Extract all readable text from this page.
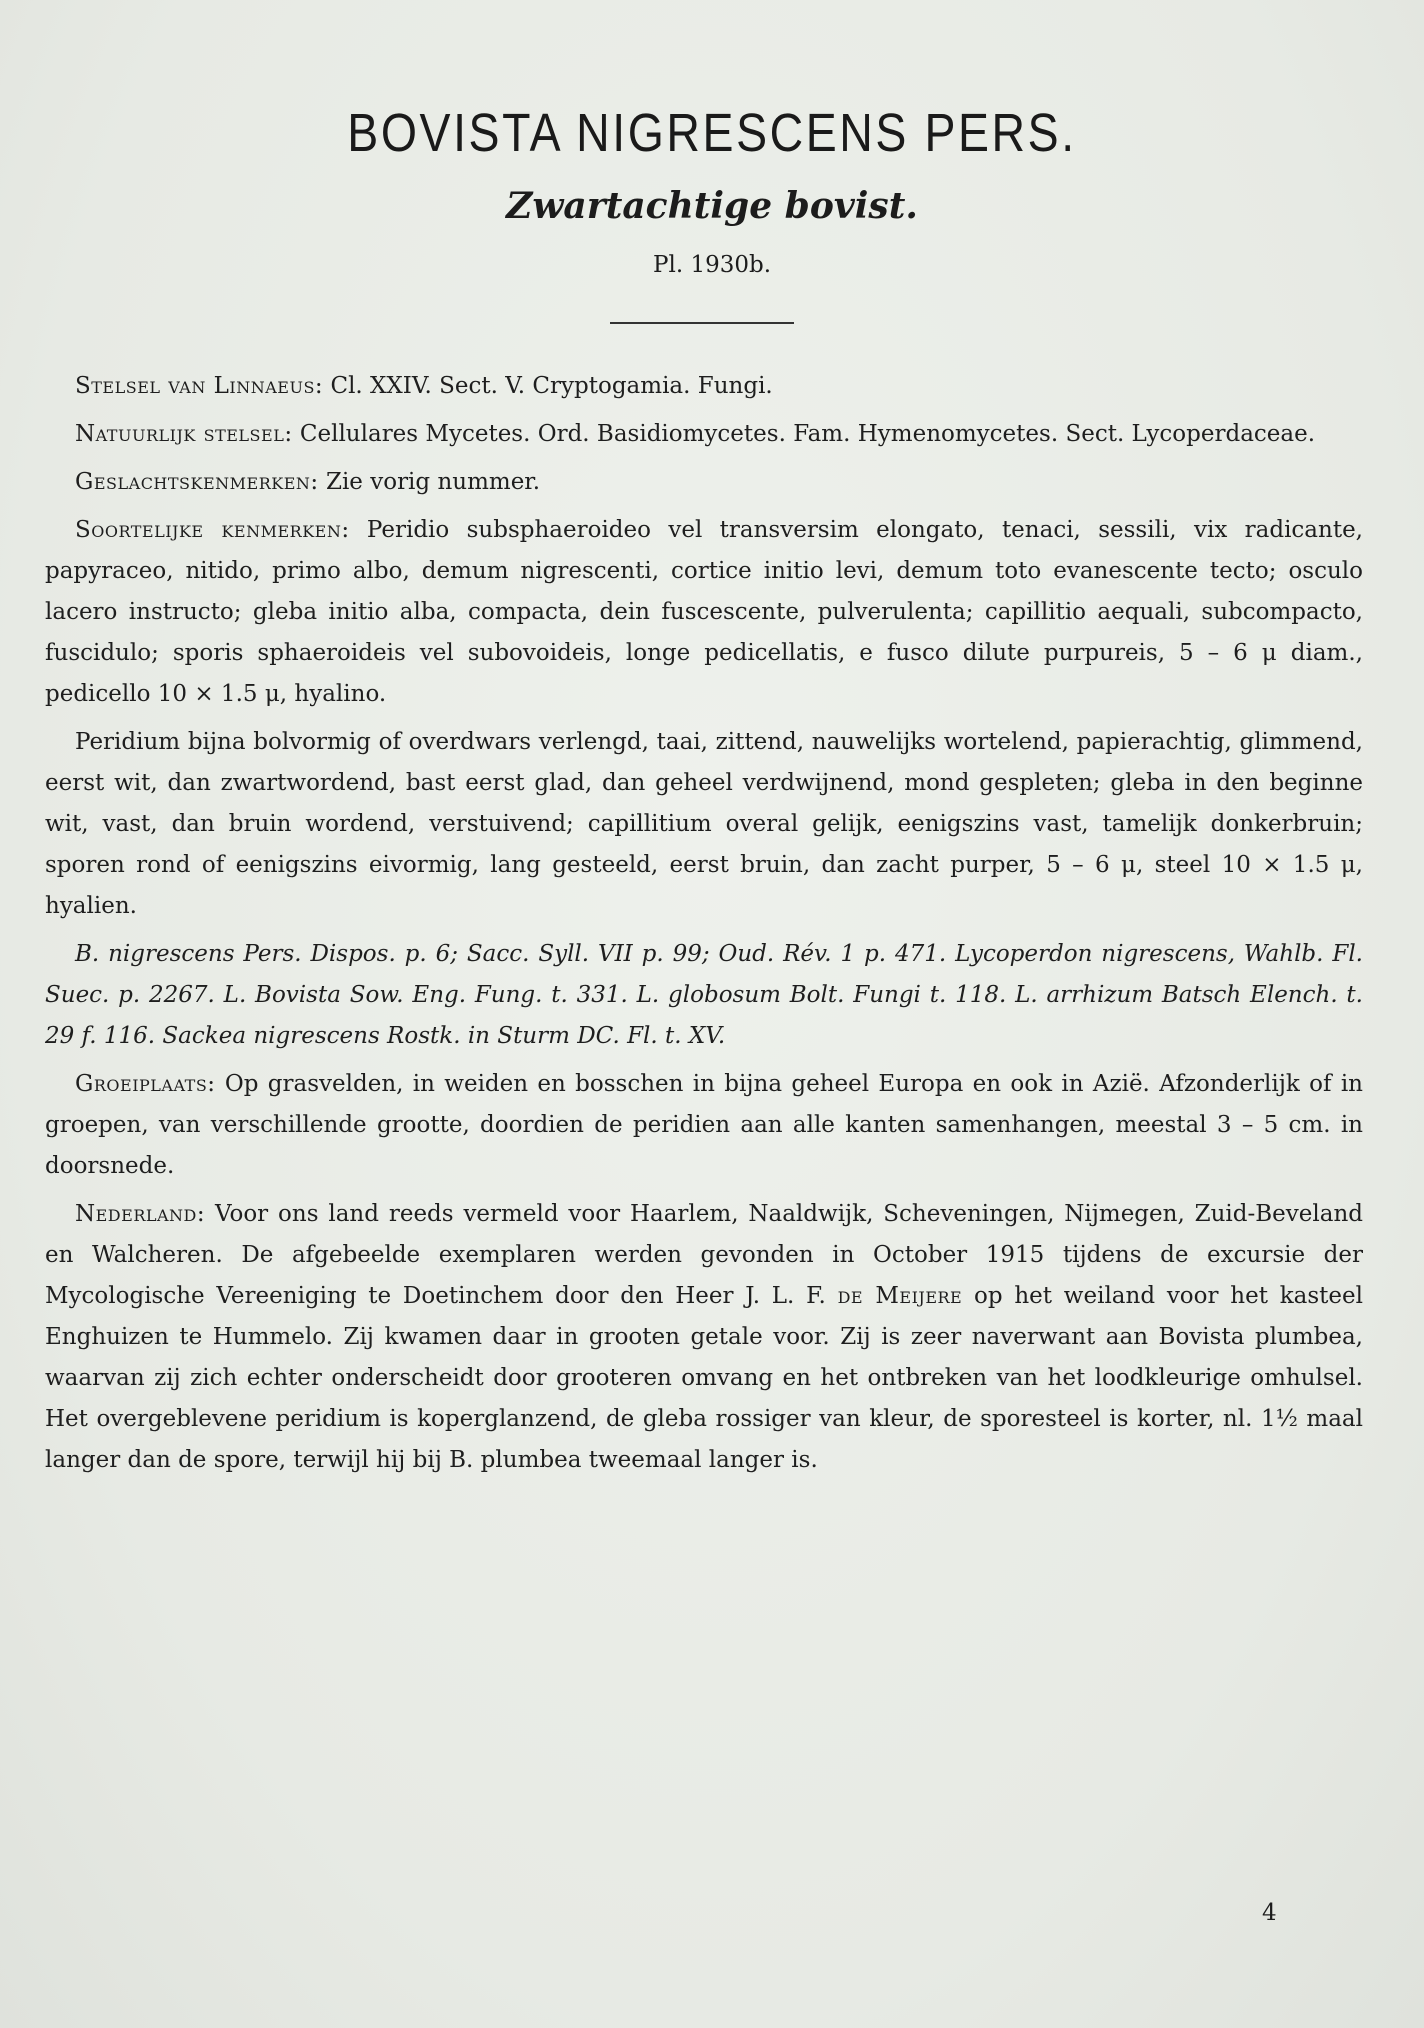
BOVISTA NIGRESCENS PERS.
Zwartachtige bovist.
Pl. 1930b.

Stelsel van Linnaeus: Cl. XXIV. Sect. V. Cryptogamia. Fungi.

Natuurlijk stelsel: Cellulares Mycetes. Ord. Basidiomycetes. Fam. Hymenomycetes. Sect. Lycoperdaceae.

Geslachtskenmerken: Zie vorig nummer.

Soortelijke kenmerken: Peridio subsphaeroideo vel transversim elongato, tenaci, sessili, vix radicante, papyraceo, nitido, primo albo, demum nigrescenti, cortice initio levi, demum toto evanescente tecto; osculo lacero instructo; gleba initio alba, compacta, dein fuscescente, pulverulenta; capillitio aequali, subcompacto, fuscidulo; sporis sphaeroideis vel subovoideis, longe pedicellatis, e fusco dilute purpureis, 5 – 6 μ diam., pedicello 10 × 1.5 μ, hyalino.

Peridium bijna bolvormig of overdwars verlengd, taai, zittend, nauwelijks wortelend, papierachtig, glimmend, eerst wit, dan zwartwordend, bast eerst glad, dan geheel verdwijnend, mond gespleten; gleba in den beginne wit, vast, dan bruin wordend, verstuivend; capillitium overal gelijk, eenigszins vast, tamelijk donkerbruin; sporen rond of eenigszins eivormig, lang gesteeld, eerst bruin, dan zacht purper, 5 – 6 μ, steel 10 × 1.5 μ, hyalien.

B. nigrescens Pers. Dispos. p. 6; Sacc. Syll. VII p. 99; Oud. Rév. 1 p. 471. Lycoperdon nigrescens, Wahlb. Fl. Suec. p. 2267. L. Bovista Sow. Eng. Fung. t. 331. L. globosum Bolt. Fungi t. 118. L. arrhizum Batsch Elench. t. 29 f. 116. Sackea nigrescens Rostk. in Sturm DC. Fl. t. XV.

Groeiplaats: Op grasvelden, in weiden en bosschen in bijna geheel Europa en ook in Azië. Afzonderlijk of in groepen, van verschillende grootte, doordien de peridien aan alle kanten samenhangen, meestal 3 – 5 cm. in doorsnede.

Nederland: Voor ons land reeds vermeld voor Haarlem, Naaldwijk, Scheveningen, Nijmegen, Zuid-Beveland en Walcheren. De afgebeelde exemplaren werden gevonden in October 1915 tijdens de excursie der Mycologische Vereeniging te Doetinchem door den Heer J. L. F. de Meijere op het weiland voor het kasteel Enghuizen te Hummelo. Zij kwamen daar in grooten getale voor. Zij is zeer naverwant aan Bovista plumbea, waarvan zij zich echter onderscheidt door grooteren omvang en het ontbreken van het loodkleurige omhulsel. Het overgeblevene peridium is koperglanzend, de gleba rossiger van kleur, de sporesteel is korter, nl. 1½ maal langer dan de spore, terwijl hij bij B. plumbea tweemaal langer is.

4
